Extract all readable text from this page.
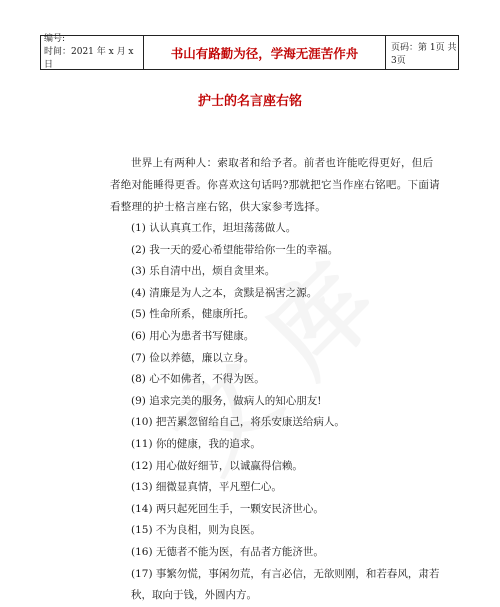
编号:
时间：2021 年 x 月 x 日
书山有路勤为径，学海无涯苦作舟	页码：第 1页 共 3页
护士的名言座右铭

世界上有两种人：索取者和给予者。前者也许能吃得更好，但后者绝对能睡得更香。你喜欢这句话吗?那就把它当作座右铭吧。下面请看整理的护士格言座右铭，供大家参考选择。

(1) 认认真真工作，坦坦荡荡做人。
(2) 我一天的爱心希望能带给你一生的幸福。
(3) 乐自清中出，烦自贪里来。
(4) 清廉是为人之本，贪黩是祸害之源。
(5) 性命所系，健康所托。
(6) 用心为患者书写健康。
(7) 俭以养德，廉以立身。
(8) 心不如佛者，不得为医。
(9) 追求完美的服务，做病人的知心朋友!
(10) 把苦累忽留给自己，将乐安康送给病人。
(11) 你的健康，我的追求。
(12) 用心做好细节，以诚赢得信赖。
(13) 细微显真情，平凡塑仁心。
(14) 两只起死回生手，一颗安民济世心。
(15) 不为良相，则为良医。
(16) 无德者不能为医，有品者方能济世。
(17) 事繁勿慌，事闲勿荒，有言必信，无欲则刚，和若春风，肃若秋，取向于钱，外圆内方。
